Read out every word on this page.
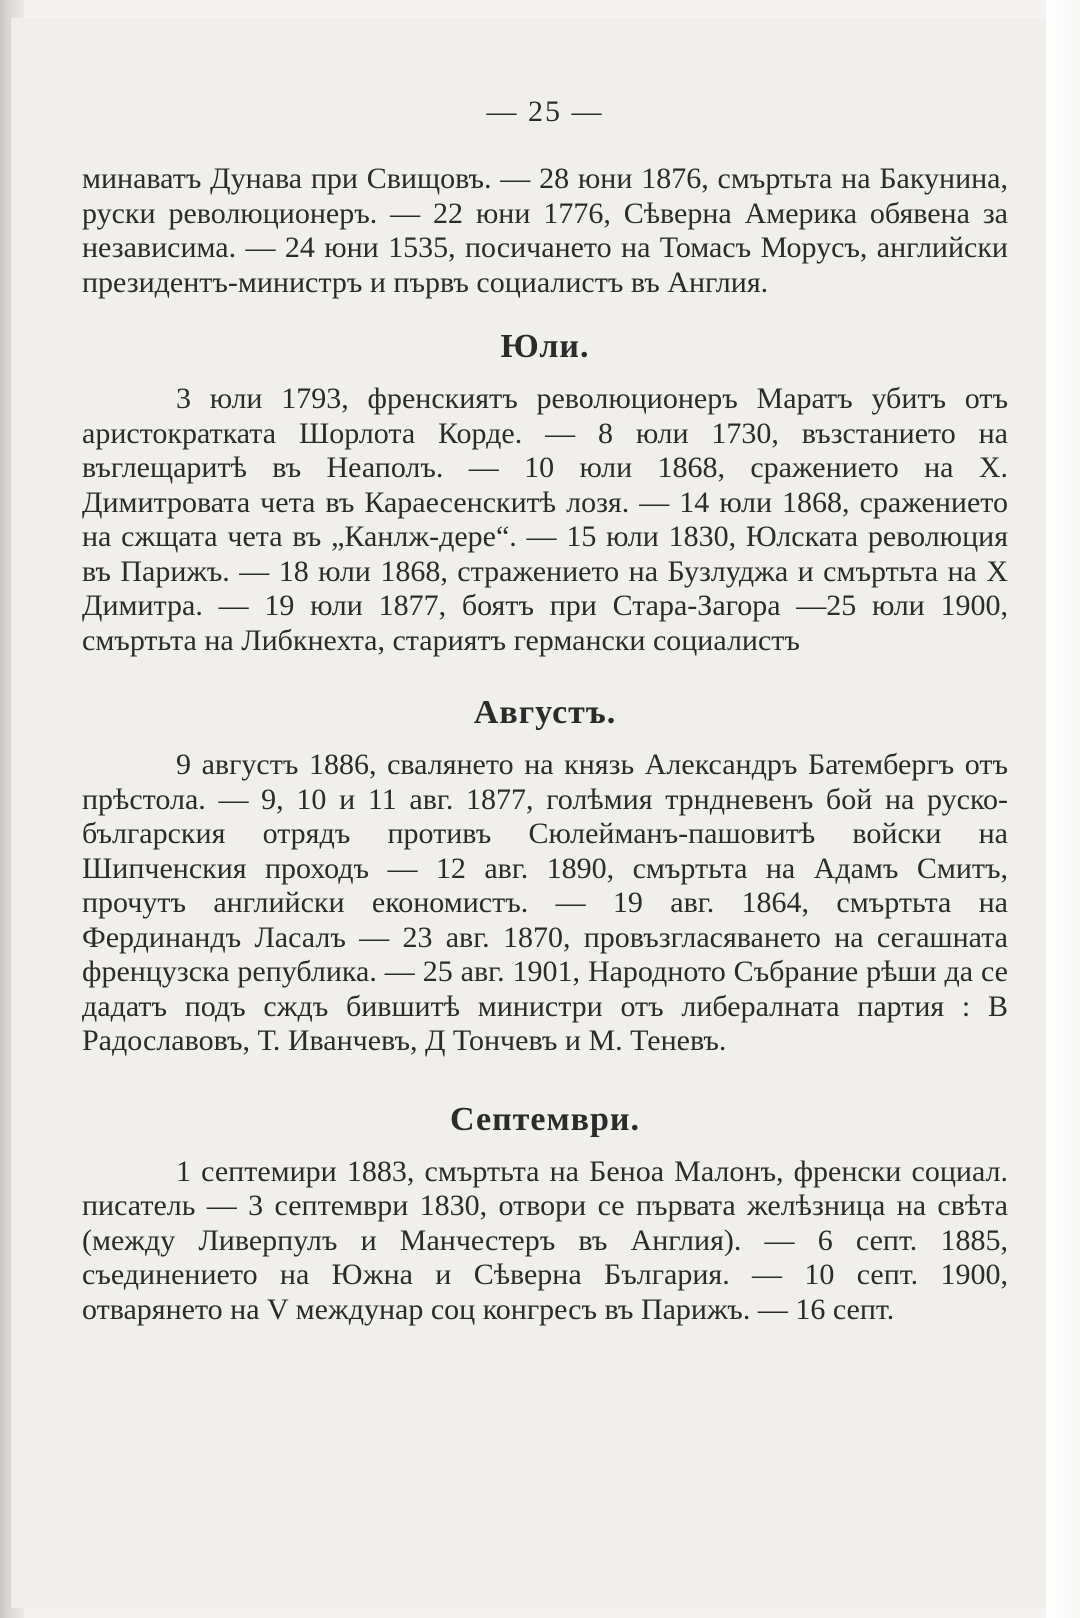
— 25 —

минаватъ Дунава при Свищовъ. — 28 юни 1876, смъртьта на Бакунина, руски революционеръ. — 22 юни 1776, Сѣверна Америка обявена за независима. — 24 юни 1535, посичането на Томасъ Морусъ, английски президентъ-министръ и първъ социалистъ въ Англия.

Юли.

3 юли 1793, френскиятъ революционеръ Маратъ убитъ отъ аристократката Шорлота Корде. — 8 юли 1730, възстанието на въглещаритѣ въ Неаполъ. — 10 юли 1868, сражението на Х. Димитровата чета въ Караесенскитѣ лозя. — 14 юли 1868, сражението на сжщата чета въ „Канлж-дере“. — 15 юли 1830, Юлската революция въ Парижъ. — 18 юли 1868, стражението на Бузлуджа и смъртьта на Х Димитра. — 19 юли 1877, боятъ при Стара-Загора —25 юли 1900, смъртьта на Либкнехта, стариятъ германски социалистъ

Августъ.

9 августъ 1886, свалянето на князь Александръ Батембергъ отъ прѣстола. — 9, 10 и 11 авг. 1877, голѣмия трндневенъ бой на руско-българския отрядъ противъ Сюлейманъ-пашовитѣ войски на Шипченския проходъ — 12 авг. 1890, смъртьта на Адамъ Смитъ, прочутъ английски економистъ. — 19 авг. 1864, смъртьта на Фердинандъ Ласалъ — 23 авг. 1870, провъзгласяването на сегашната френцузска република. — 25 авг. 1901, Народното Събрание рѣши да се дадатъ подъ сждъ бившитѣ министри отъ либералната партия : В Радославовъ, Т. Иванчевъ, Д Тончевъ и М. Теневъ.

Септември.

1 септемири 1883, смъртьта на Беноа Малонъ, френски социал. писатель — 3 септември 1830, отвори се първата желѣзница на свѣта (между Ливерпулъ и Манчестеръ въ Англия). — 6 септ. 1885, съединението на Южна и Сѣверна България. — 10 септ. 1900, отварянето на V междунар соц конгресъ въ Парижъ. — 16 септ.
